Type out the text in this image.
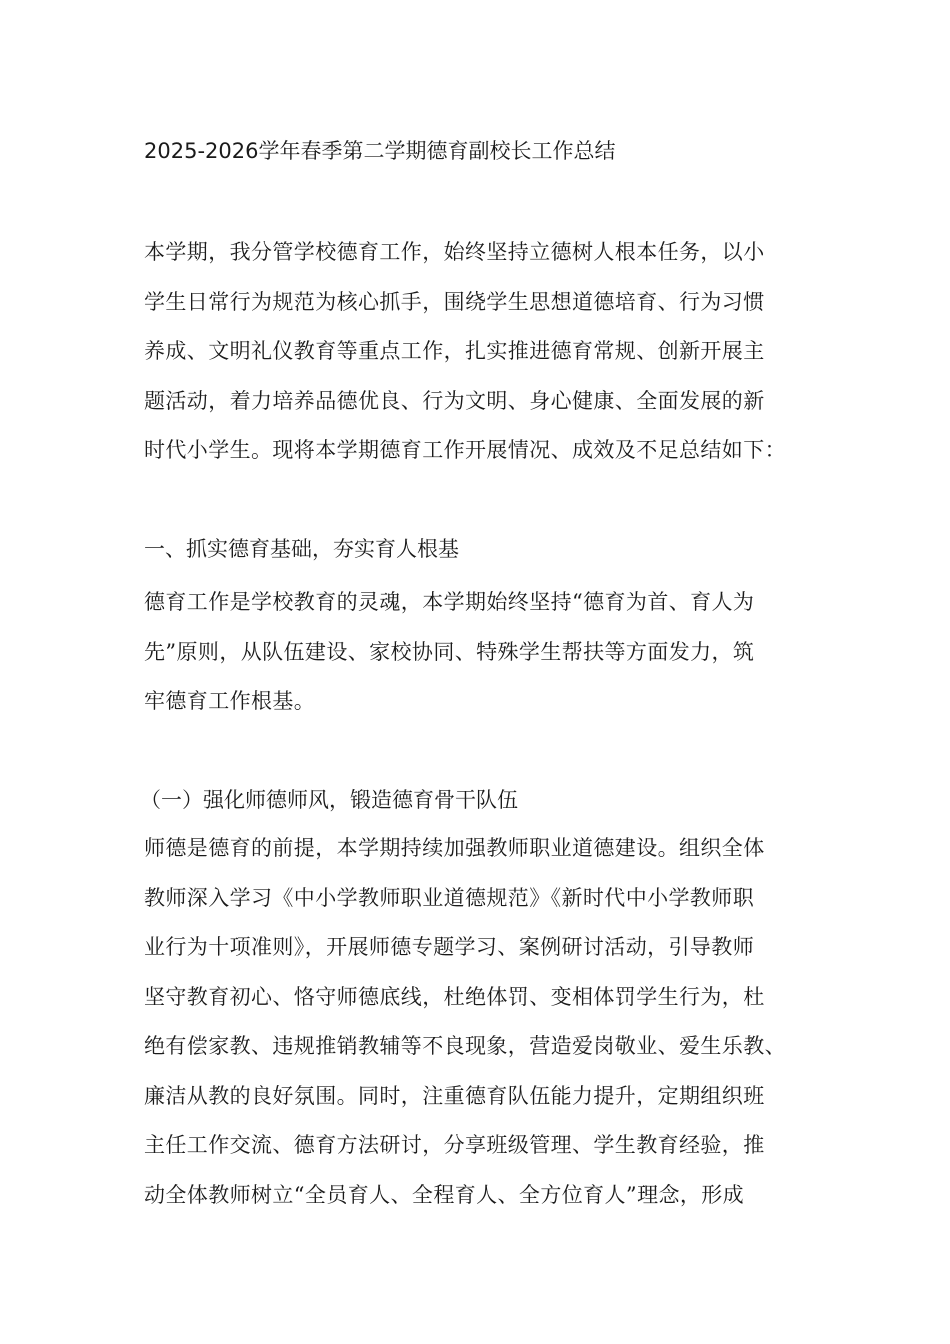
2025-2026学年春季第二学期德育副校长工作总结
本学期，我分管学校德育工作，始终坚持立德树人根本任务，以小
学生日常行为规范为核心抓手，围绕学生思想道德培育、行为习惯
养成、文明礼仪教育等重点工作，扎实推进德育常规、创新开展主
题活动，着力培养品德优良、行为文明、身心健康、全面发展的新
时代小学生。现将本学期德育工作开展情况、成效及不足总结如下：
一、抓实德育基础，夯实育人根基
德育工作是学校教育的灵魂，本学期始终坚持“德育为首、育人为
先”原则，从队伍建设、家校协同、特殊学生帮扶等方面发力，筑
牢德育工作根基。
（一）强化师德师风，锻造德育骨干队伍
师德是德育的前提，本学期持续加强教师职业道德建设。组织全体
教师深入学习《中小学教师职业道德规范》《新时代中小学教师职
业行为十项准则》，开展师德专题学习、案例研讨活动，引导教师
坚守教育初心、恪守师德底线，杜绝体罚、变相体罚学生行为，杜
绝有偿家教、违规推销教辅等不良现象，营造爱岗敬业、爱生乐教、
廉洁从教的良好氛围。同时，注重德育队伍能力提升，定期组织班
主任工作交流、德育方法研讨，分享班级管理、学生教育经验，推
动全体教师树立“全员育人、全程育人、全方位育人”理念，形成
